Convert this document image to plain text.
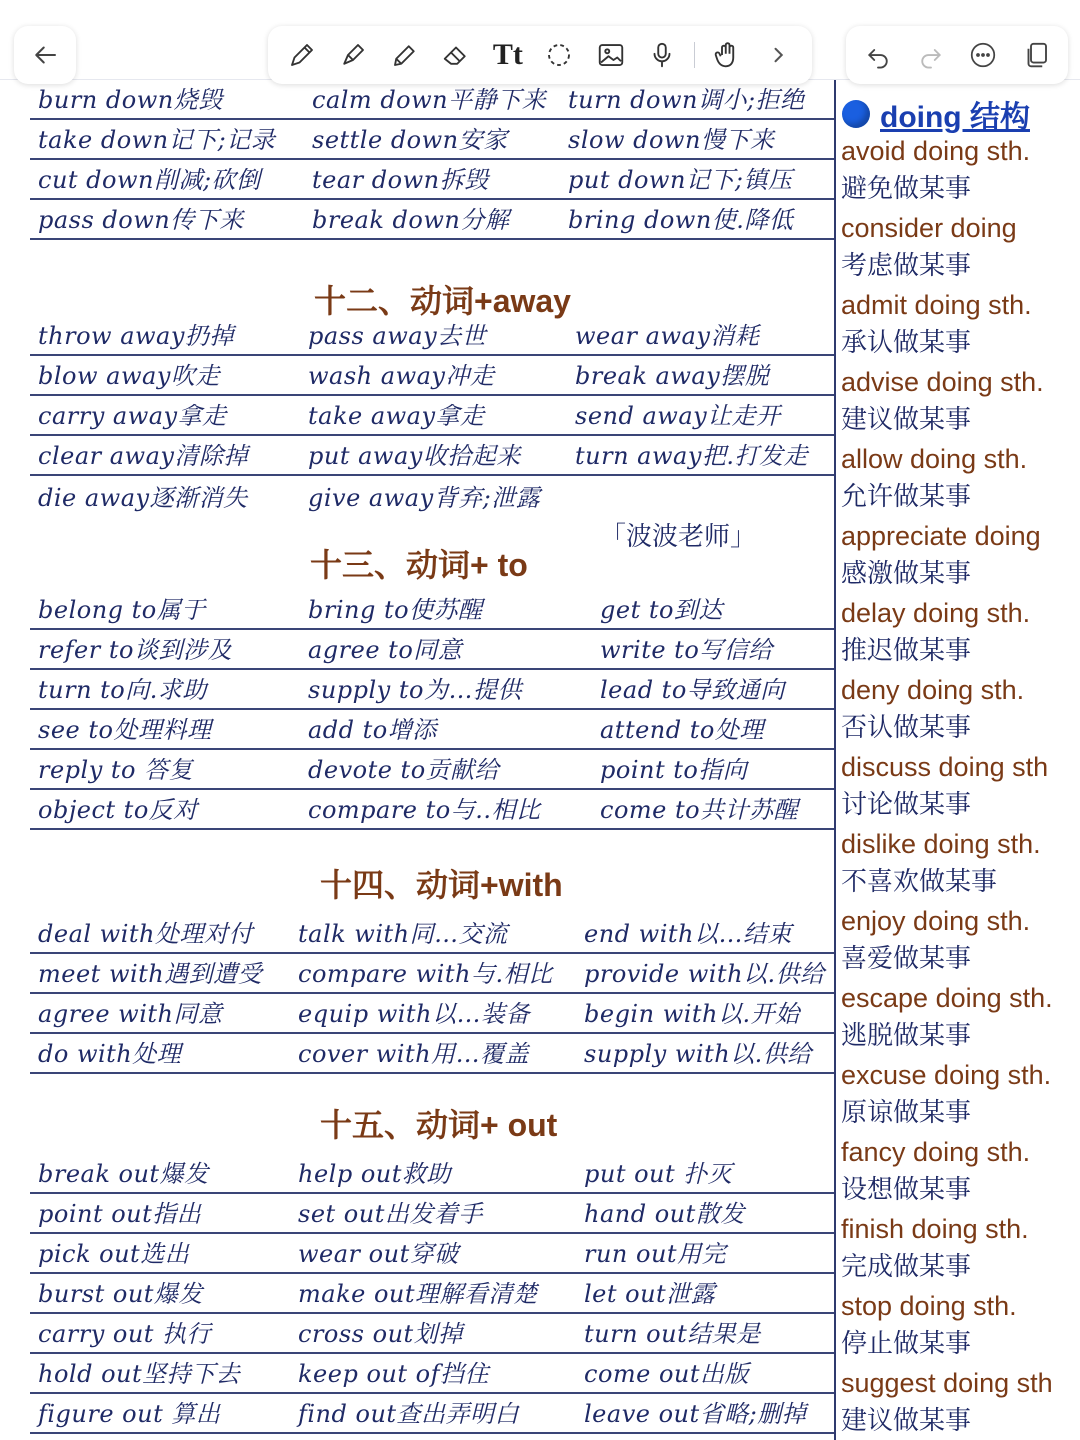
Tt
burn down烧毁	calm down平静下来 turn down调小;拒绝
take down记下;记录 settle down安家	slow down慢下来
cut down削减;砍倒 tear down拆毁	put down记下;镇压
pass down传下来	break down分解 bring down使.降低
十二、动词+away
throw away扔掉	pass away去世	wear away消耗
blow away吹走	wash away冲走	break away摆脱
carry away拿走	take away拿走	send away让走开
clear away清除掉	put away收拾起来 turn away把.打发走
die away逐渐消失	give away背弃;泄露
「波波老师」
十三、动词+ to
belong to属于	bring to使苏醒	get to到达
refer to谈到涉及	agree to同意	write to写信给
turn to向.求助	supply to为…提供	lead to导致通向
see to处理料理	add to增添	attend to处理
reply to 答复	devote to贡献给	point to指向
object to反对	compare to与..相比 come to共计苏醒
十四、动词+with
deal with处理对付 talk with同…交流	end with以…结束
meet with遇到遭受 compare with与.相比 provide with以.供给
agree with同意	equip with以…装备 begin with以.开始
do with处理	cover with用…覆盖 supply with以.供给
十五、动词+ out
break out爆发	help out救助	put out 扑灭
point out指出	set out出发着手	hand out散发
pick out选出	wear out穿破	run out用完
burst out爆发	make out理解看清楚 let out泄露
carry out 执行	cross out划掉	turn out结果是
hold out坚持下去 keep out of挡住	come out出版
figure out 算出	find out查出弄明白	leave out省略;删掉
doing 结构
avoid doing sth.
避免做某事
consider doing
考虑做某事
admit doing sth.
承认做某事
advise doing sth.
建议做某事
allow doing sth.
允许做某事
appreciate doing
感激做某事
delay doing sth.
推迟做某事
deny doing sth.
否认做某事
discuss doing sth
讨论做某事
dislike doing sth.
不喜欢做某事
enjoy doing sth.
喜爱做某事
escape doing sth.
逃脱做某事
excuse doing sth.
原谅做某事
fancy doing sth.
设想做某事
finish doing sth.
完成做某事
stop doing sth.
停止做某事
suggest doing sth
建议做某事
